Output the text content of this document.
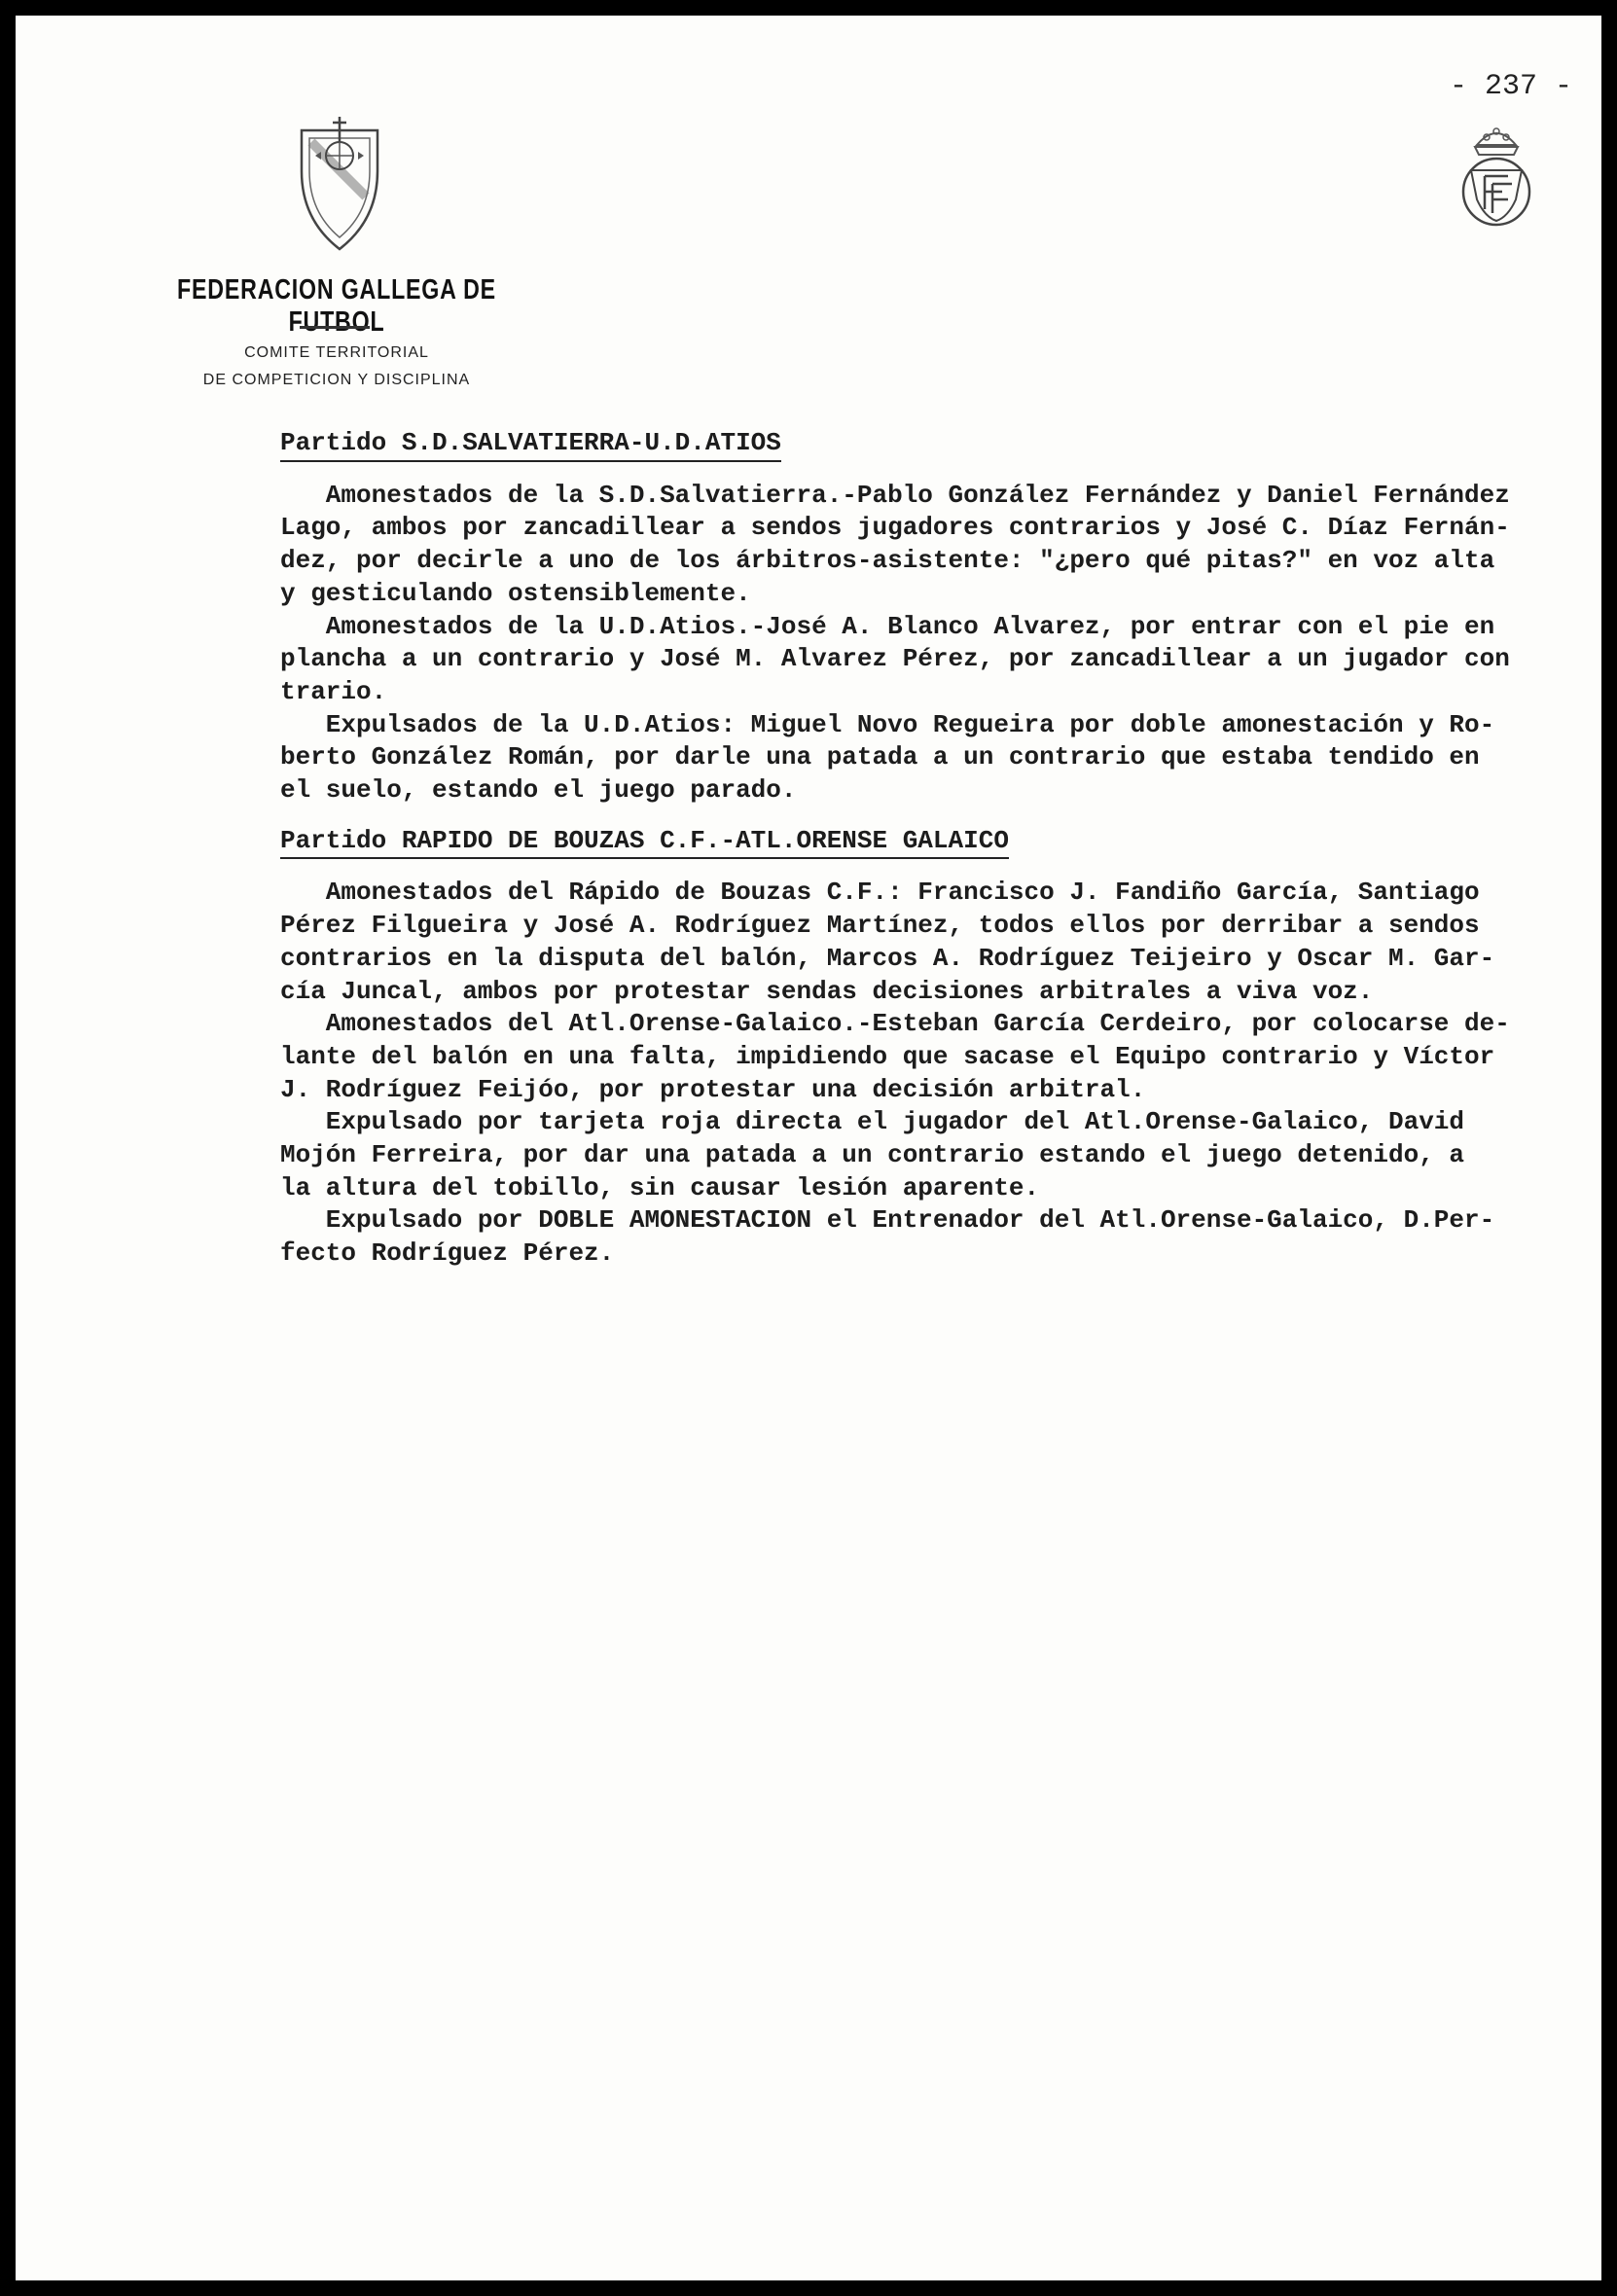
- 237 -
FEDERACION GALLEGA DE FUTBOL
COMITE TERRITORIAL
DE COMPETICION Y DISCIPLINA
Partido S.D.SALVATIERRA-U.D.ATIOS
Amonestados de la S.D.Salvatierra.-Pablo González Fernández y Daniel Fernández
Lago, ambos por zancadillear a sendos jugadores contrarios y José C. Díaz Fernán-
dez, por decirle a uno de los árbitros-asistente: "¿pero qué pitas?" en voz alta
y gesticulando ostensiblemente.
Amonestados de la U.D.Atios.-José A. Blanco Alvarez, por entrar con el pie en
plancha a un contrario y José M. Alvarez Pérez, por zancadillear a un jugador con
trario.
Expulsados de la U.D.Atios: Miguel Novo Regueira por doble amonestación y Ro-
berto González Román, por darle una patada a un contrario que estaba tendido en
el suelo, estando el juego parado.
Partido RAPIDO DE BOUZAS C.F.-ATL.ORENSE GALAICO
Amonestados del Rápido de Bouzas C.F.: Francisco J. Fandiño García, Santiago
Pérez Filgueira y José A. Rodríguez Martínez, todos ellos por derribar a sendos
contrarios en la disputa del balón, Marcos A. Rodríguez Teijeiro y Oscar M. Gar-
cía Juncal, ambos por protestar sendas decisiones arbitrales a viva voz.
Amonestados del Atl.Orense-Galaico.-Esteban García Cerdeiro, por colocarse de-
lante del balón en una falta, impidiendo que sacase el Equipo contrario y Víctor
J. Rodríguez Feijóo, por protestar una decisión arbitral.
Expulsado por tarjeta roja directa el jugador del Atl.Orense-Galaico, David
Mojón Ferreira, por dar una patada a un contrario estando el juego detenido, a
la altura del tobillo, sin causar lesión aparente.
Expulsado por DOBLE AMONESTACION el Entrenador del Atl.Orense-Galaico, D.Per-
fecto Rodríguez Pérez.
